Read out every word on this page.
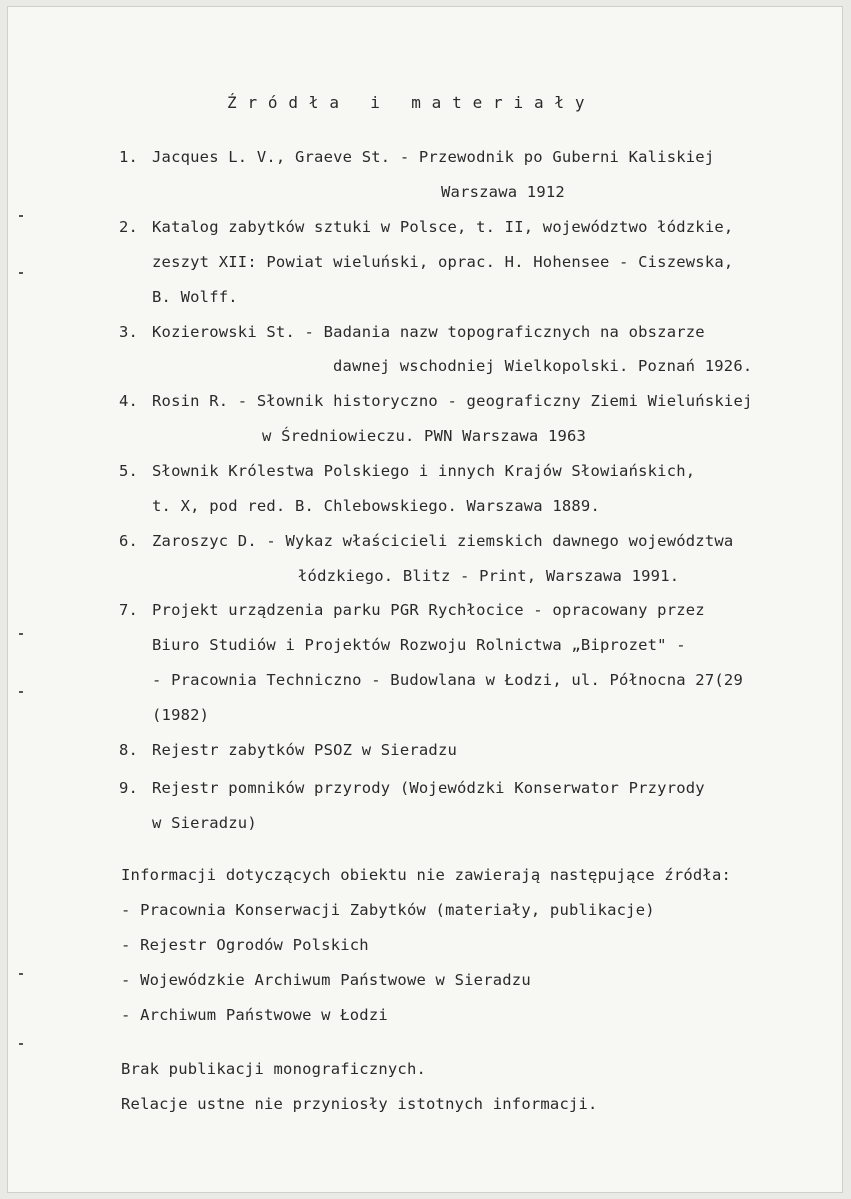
Ź r ó d ł a   i   m a t e r i a ł y
1. Jacques L. V., Graeve St. - Przewodnik po Guberni Kaliskiej
Warszawa 1912
2. Katalog zabytków sztuki w Polsce, t. II, województwo łódzkie,
zeszyt XII: Powiat wieluński, oprac. H. Hohensee - Ciszewska,
B. Wolff.
3. Kozierowski St. - Badania nazw topograficznych na obszarze
dawnej wschodniej Wielkopolski. Poznań 1926.
4. Rosin R. - Słownik historyczno - geograficzny Ziemi Wieluńskiej
w Średniowieczu. PWN Warszawa 1963
5. Słownik Królestwa Polskiego i innych Krajów Słowiańskich,
t. X, pod red. B. Chlebowskiego. Warszawa 1889.
6. Zaroszyc D. - Wykaz właścicieli ziemskich dawnego województwa
łódzkiego. Blitz - Print, Warszawa 1991.
7. Projekt urządzenia parku PGR Rychłocice - opracowany przez
Biuro Studiów i Projektów Rozwoju Rolnictwa „Biprozet" -
- Pracownia Techniczno - Budowlana w Łodzi, ul. Północna 27(29
(1982)
8. Rejestr zabytków PSOZ w Sieradzu
9. Rejestr pomników przyrody (Wojewódzki Konserwator Przyrody
w Sieradzu)
Informacji dotyczących obiektu nie zawierają następujące źródła:
- Pracownia Konserwacji Zabytków (materiały, publikacje)
- Rejestr Ogrodów Polskich
- Wojewódzkie Archiwum Państwowe w Sieradzu
- Archiwum Państwowe w Łodzi
Brak publikacji monograficznych.
Relacje ustne nie przyniosły istotnych informacji.
